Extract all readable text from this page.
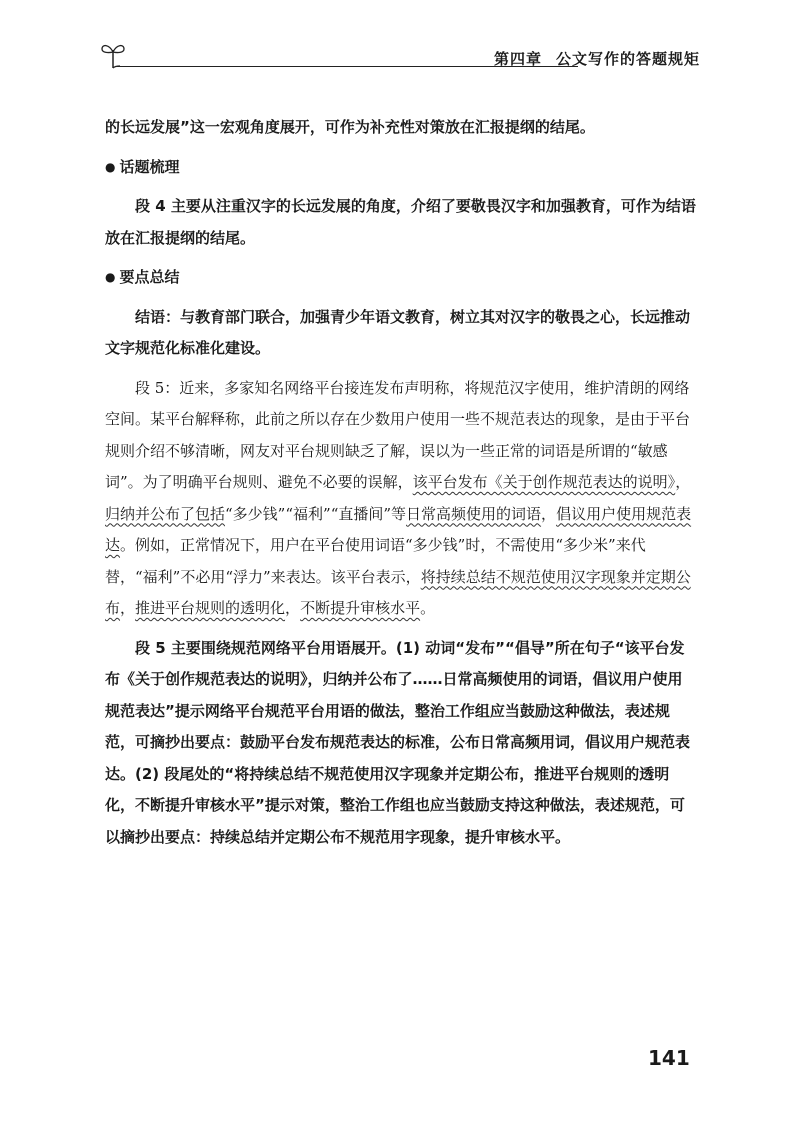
第四章 公文写作的答题规矩

的长远发展”这一宏观角度展开，可作为补充性对策放在汇报提纲的结尾。

● 话题梳理

段 4 主要从注重汉字的长远发展的角度，介绍了要敬畏汉字和加强教育，可作为结语放在汇报提纲的结尾。

● 要点总结

结语：与教育部门联合，加强青少年语文教育，树立其对汉字的敬畏之心，长远推动文字规范化标准化建设。

段 5：近来，多家知名网络平台接连发布声明称，将规范汉字使用，维护清朗的网络空间。某平台解释称，此前之所以存在少数用户使用一些不规范表达的现象，是由于平台规则介绍不够清晰，网友对平台规则缺乏了解，误以为一些正常的词语是所谓的“敏感词”。为了明确平台规则、避免不必要的误解，该平台发布《关于创作规范表达的说明》，归纳并公布了包括“多少钱”“福利”“直播间”等日常高频使用的词语，倡议用户使用规范表达。例如，正常情况下，用户在平台使用词语“多少钱”时，不需使用“多少米”来代替，“福利”不必用“浮力”来表达。该平台表示，将持续总结不规范使用汉字现象并定期公布，推进平台规则的透明化，不断提升审核水平。

段 5 主要围绕规范网络平台用语展开。(1) 动词“发布”“倡导”所在句子“该平台发布《关于创作规范表达的说明》，归纳并公布了……日常高频使用的词语，倡议用户使用规范表达”提示网络平台规范平台用语的做法，整治工作组应当鼓励这种做法，表述规范，可摘抄出要点：鼓励平台发布规范表达的标准，公布日常高频用词，倡议用户规范表达。(2) 段尾处的“将持续总结不规范使用汉字现象并定期公布，推进平台规则的透明化，不断提升审核水平”提示对策，整治工作组也应当鼓励支持这种做法，表述规范，可以摘抄出要点：持续总结并定期公布不规范用字现象，提升审核水平。

141
